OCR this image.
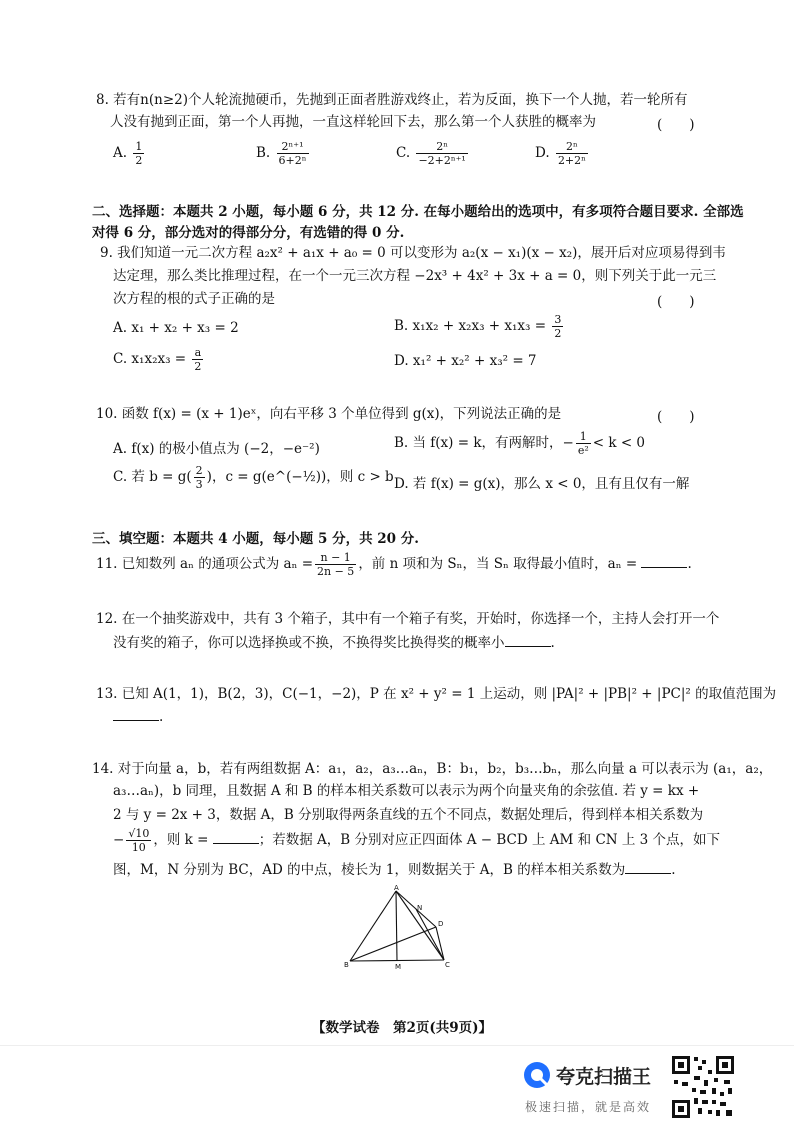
8. 若有n(n≥2)个人轮流抛硬币，先抛到正面者胜游戏终止，若为反面，换下一个人抛，若一轮所有
人没有抛到正面，第一个人再抛，一直这样轮回下去，那么第一个人获胜的概率为	(　　)
A. $\frac{1}{2}$	B. $\frac{\text{2ⁿ⁺¹}}{\text{6+2ⁿ}}$	C. $\frac{\text{2ⁿ}}{\text{−2+2ⁿ⁺¹}}$	D. $\frac{\text{2ⁿ}}{\text{2+2ⁿ}}$
二、选择题：本题共 2 小题，每小题 6 分，共 12 分. 在每小题给出的选项中，有多项符合题目要求. 全部选
对得 6 分，部分选对的得部分分，有选错的得 0 分.
9. 我们知道一元二次方程 a₂x² + a₁x + a₀ = 0 可以变形为 a₂(x − x₁)(x − x₂)，展开后对应项易得到韦
达定理，那么类比推理过程，在一个一元三次方程 −2x³ + 4x² + 3x + a = 0，则下列关于此一元三
次方程的根的式子正确的是	(　　)
A. x₁ + x₂ + x₃ = 2	B. $x_1x_2 + x_2x_3 + x_1x_3 = \frac{3}{2}$
C. $x_1x_2x_3 = \frac{a}{2}$	D. x₁² + x₂² + x₃² = 7
10. 函数 f(x) = (x + 1)eˣ，向右平移 3 个单位得到 g(x)，下列说法正确的是	(　　)
A. f(x) 的极小值点为 (−2，−e⁻²)	B. 当 f(x) = k，有两解时，− $\frac{1}{\text{e²}} < k < 0$
C. 若 $b = g( \frac{2}{3}$ )，c = g(e^(−½))，则 c > b D. 若 f(x) = g(x)，那么 x < 0，且有且仅有一解
三、填空题：本题共 4 小题，每小题 5 分，共 20 分.
11. 已知数列 aₙ 的通项公式为 $a_n = \frac{n - 1}{2n - 5}$ ，前 n 项和为 Sₙ，当 Sₙ 取得最小值时，aₙ =	.
12. 在一个抽奖游戏中，共有 3 个箱子，其中有一个箱子有奖，开始时，你选择一个，主持人会打开一个
没有奖的箱子，你可以选择换或不换，不换得奖比换得奖的概率小	.
13. 已知 A(1，1)，B(2，3)，C(−1，−2)，P 在 x² + y² = 1 上运动，则 |PA|² + |PB|² + |PC|² 的取值范围为
.
14. 对于向量 a，b，若有两组数据 A：a₁，a₂，a₃…aₙ，B：b₁，b₂，b₃…bₙ，那么向量 a 可以表示为 (a₁，a₂，
a₃…aₙ)，b 同理，且数据 A 和 B 的样本相关系数可以表示为两个向量夹角的余弦值. 若 y = kx +
2 与 y = 2x + 3，数据 A，B 分别取得两条直线的五个不同点，数据处理后，得到样本相关系数为
− $\frac{√10}{10}$ ，则 k =	；若数据 A，B 分别对应正四面体 A − BCD 上 AM 和 CN 上 3 个点，如下
图，M，N 分别为 BC，AD 的中点，棱长为 1，则数据关于 A，B 的样本相关系数为	.
A
N
D
M	C
B
【数学试卷　第2页(共9页)】
夸克扫描王
极速扫描，就是高效
